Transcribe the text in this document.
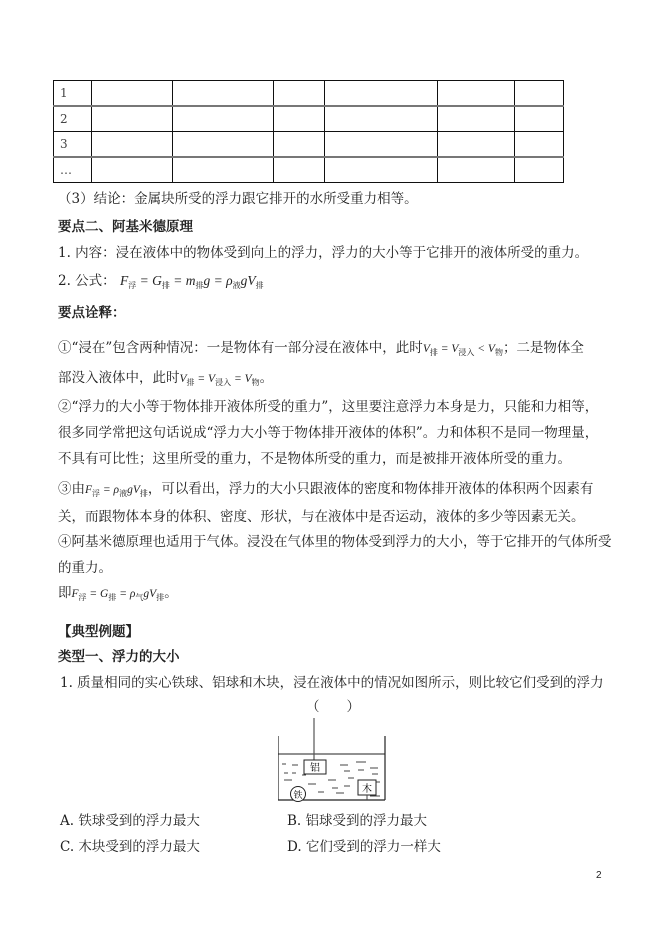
1						
2						
3						
…						
（3）结论：金属块所受的浮力跟它排开的水所受重力相等。
要点二、阿基米德原理
1. 内容：浸在液体中的物体受到向上的浮力，浮力的大小等于它排开的液体所受的重力。
2. 公式： $F_浮 = G_排 = m_排g = \rho_液gV_排$
要点诠释：
①“浸在”包含两种情况：一是物体有一部分浸在液体中，此时$V_排 = V_{浸入} < V_物$；二是物体全
部没入液体中，此时$V_排 = V_{浸入} = V_物$。
②“浮力的大小等于物体排开液体所受的重力”，这里要注意浮力本身是力，只能和力相等，
很多同学常把这句话说成“浮力大小等于物体排开液体的体积”。力和体积不是同一物理量，
不具有可比性；这里所受的重力，不是物体所受的重力，而是被排开液体所受的重力。
③由$F_浮 = \rho_液gV_排$，可以看出，浮力的大小只跟液体的密度和物体排开液体的体积两个因素有
关，而跟物体本身的体积、密度、形状，与在液体中是否运动，液体的多少等因素无关。
④阿基米德原理也适用于气体。浸没在气体里的物体受到浮力的大小，等于它排开的气体所受
的重力。
即$F_浮 = G_排 = \rho_气gV_排$。
【典型例题】
类型一、浮力的大小
1. 质量相同的实心铁球、铝球和木块，浸在液体中的情况如图所示，则比较它们受到的浮力
（　　）
铝
木
铁
A. 铁球受到的浮力最大	B. 铝球受到的浮力最大
C. 木块受到的浮力最大	D. 它们受到的浮力一样大
2
